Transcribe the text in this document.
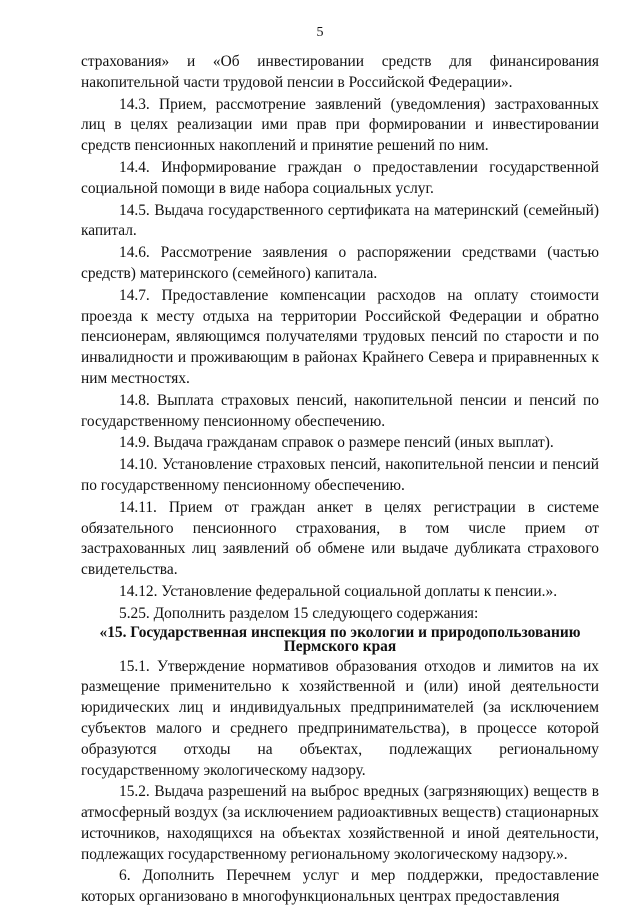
5

страхования» и «Об инвестировании средств для финансирования накопительной части трудовой пенсии в Российской Федерации».

14.3. Прием, рассмотрение заявлений (уведомления) застрахованных лиц в целях реализации ими прав при формировании и инвестировании средств пенсионных накоплений и принятие решений по ним.

14.4. Информирование граждан о предоставлении государственной социальной помощи в виде набора социальных услуг.

14.5. Выдача государственного сертификата на материнский (семейный) капитал.

14.6. Рассмотрение заявления о распоряжении средствами (частью средств) материнского (семейного) капитала.

14.7. Предоставление компенсации расходов на оплату стоимости проезда к месту отдыха на территории Российской Федерации и обратно пенсионерам, являющимся получателями трудовых пенсий по старости и по инвалидности и проживающим в районах Крайнего Севера и приравненных к ним местностях.

14.8. Выплата страховых пенсий, накопительной пенсии и пенсий по государственному пенсионному обеспечению.

14.9. Выдача гражданам справок о размере пенсий (иных выплат).

14.10. Установление страховых пенсий, накопительной пенсии и пенсий по государственному пенсионному обеспечению.

14.11. Прием от граждан анкет в целях регистрации в системе обязательного пенсионного страхования, в том числе прием от застрахованных лиц заявлений об обмене или выдаче дубликата страхового свидетельства.

14.12. Установление федеральной социальной доплаты к пенсии.».

5.25. Дополнить разделом 15 следующего содержания:

«15. Государственная инспекция по экологии и природопользованию
Пермского края

15.1. Утверждение нормативов образования отходов и лимитов на их размещение применительно к хозяйственной и (или) иной деятельности юридических лиц и индивидуальных предпринимателей (за исключением субъектов малого и среднего предпринимательства), в процессе которой образуются отходы на объектах, подлежащих региональному государственному экологическому надзору.

15.2. Выдача разрешений на выброс вредных (загрязняющих) веществ в атмосферный воздух (за исключением радиоактивных веществ) стационарных источников, находящихся на объектах хозяйственной и иной деятельности, подлежащих государственному региональному экологическому надзору.».

6. Дополнить Перечнем услуг и мер поддержки, предоставление которых организовано в многофункциональных центрах предоставления
